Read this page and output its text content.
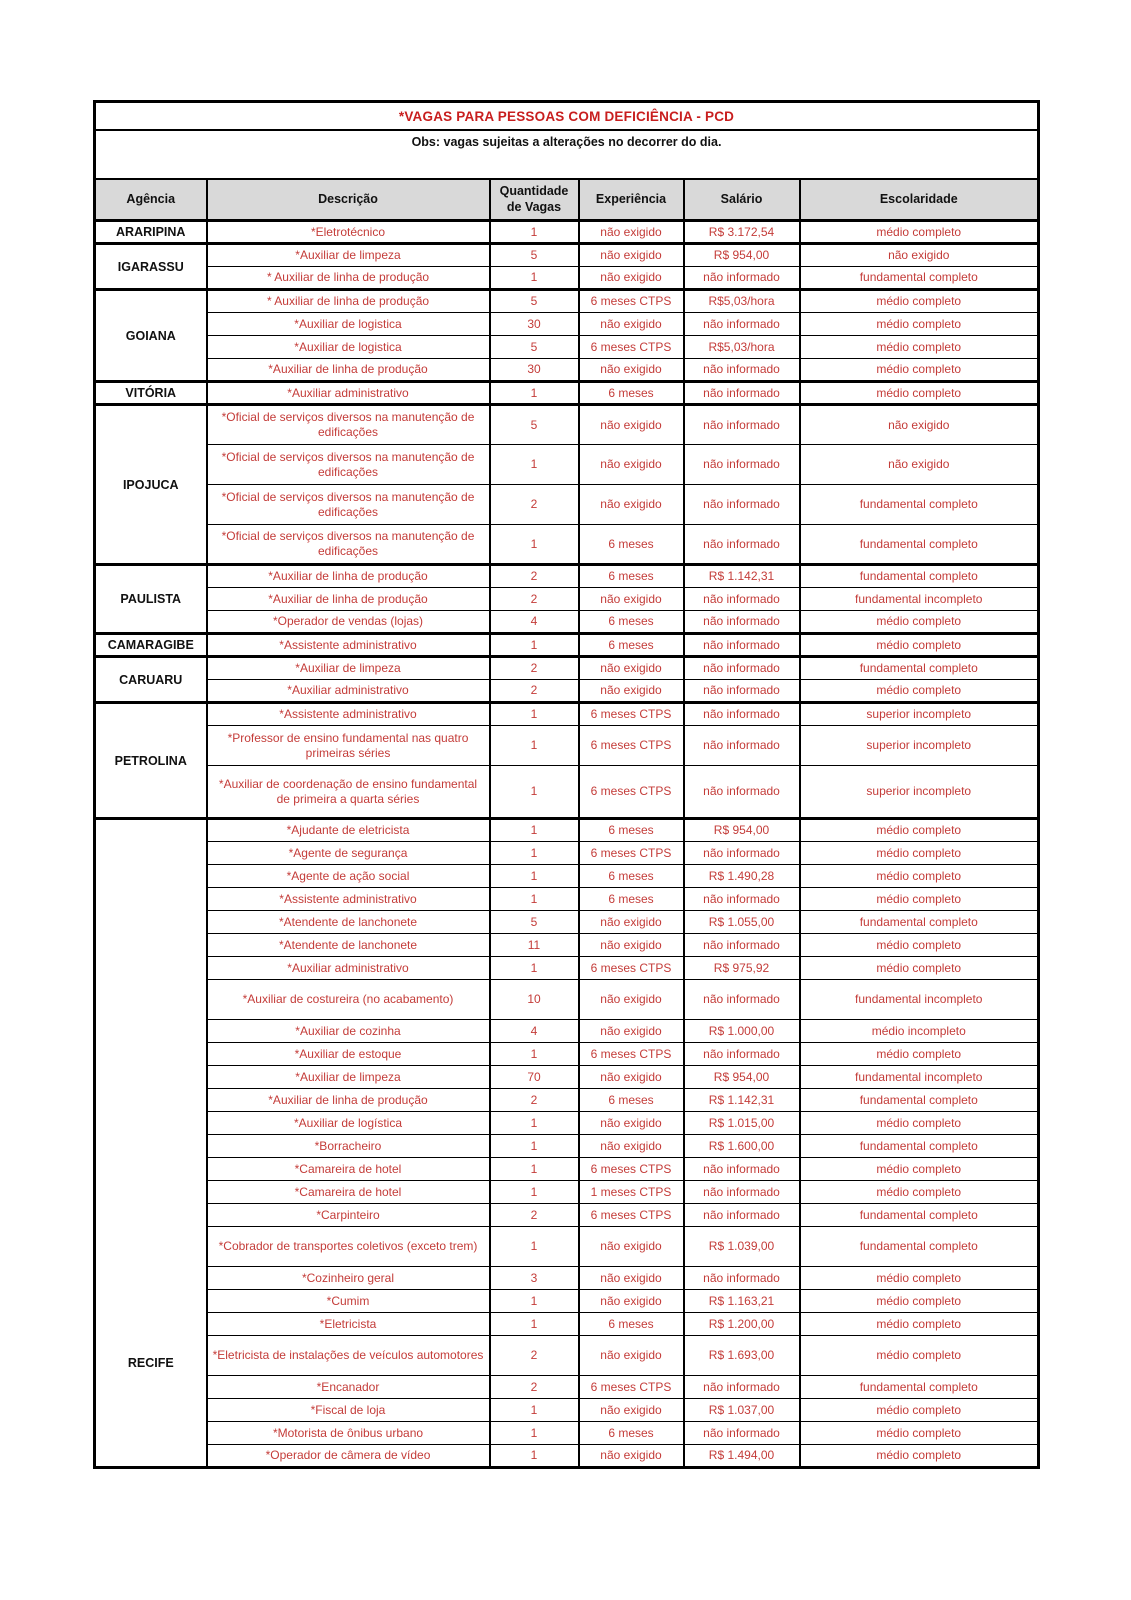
*VAGAS PARA PESSOAS COM DEFICIÊNCIA - PCD					
Obs: vagas sujeitas a alterações no decorrer do dia.					
Agência	Descrição	Quantidade de Vagas	Experiência	Salário	Escolaridade
ARARIPINA	*Eletrotécnico	1	não exigido	R$ 3.172,54	médio completo
IGARASSU	*Auxiliar de limpeza	5	não exigido	R$ 954,00	não exigido
	* Auxiliar de linha de produção	1	não exigido	não informado	fundamental completo
GOIANA	* Auxiliar de linha de produção	5	6 meses CTPS	R$5,03/hora	médio completo
	*Auxiliar de logistica	30	não exigido	não informado	médio completo
	*Auxiliar de logistica	5	6 meses CTPS	R$5,03/hora	médio completo
	*Auxiliar de linha de produção	30	não exigido	não informado	médio completo
VITÓRIA	*Auxiliar administrativo	1	6 meses	não informado	médio completo
IPOJUCA	*Oficial de serviços diversos na manutenção de edificações	5	não exigido	não informado	não exigido
	*Oficial de serviços diversos na manutenção de edificações	1	não exigido	não informado	não exigido
	*Oficial de serviços diversos na manutenção de edificações	2	não exigido	não informado	fundamental completo
	*Oficial de serviços diversos na manutenção de edificações	1	6 meses	não informado	fundamental completo
PAULISTA	*Auxiliar de linha de produção	2	6 meses	R$ 1.142,31	fundamental completo
	*Auxiliar de linha de produção	2	não exigido	não informado	fundamental incompleto
	*Operador de vendas (lojas)	4	6 meses	não informado	médio completo
CAMARAGIBE	*Assistente administrativo	1	6 meses	não informado	médio completo
CARUARU	*Auxiliar de limpeza	2	não exigido	não informado	fundamental completo
	*Auxiliar administrativo	2	não exigido	não informado	médio completo
PETROLINA	*Assistente administrativo	1	6 meses CTPS	não informado	superior incompleto
	*Professor de ensino fundamental nas quatro primeiras séries	1	6 meses CTPS	não informado	superior incompleto
	*Auxiliar de coordenação de ensino fundamental de primeira a quarta séries	1	6 meses CTPS	não informado	superior incompleto
RECIFE	*Ajudante de eletricista	1	6 meses	R$ 954,00	médio completo
	*Agente de segurança	1	6 meses CTPS	não informado	médio completo
	*Agente de ação social	1	6 meses	R$ 1.490,28	médio completo
	*Assistente administrativo	1	6 meses	não informado	médio completo
	*Atendente de lanchonete	5	não exigido	R$ 1.055,00	fundamental completo
	*Atendente de lanchonete	11	não exigido	não informado	médio completo
	*Auxiliar administrativo	1	6 meses CTPS	R$ 975,92	médio completo
	*Auxiliar de costureira (no acabamento)	10	não exigido	não informado	fundamental incompleto
	*Auxiliar de cozinha	4	não exigido	R$ 1.000,00	médio incompleto
	*Auxiliar de estoque	1	6 meses CTPS	não informado	médio completo
	*Auxiliar de limpeza	70	não exigido	R$ 954,00	fundamental incompleto
	*Auxiliar de linha de produção	2	6 meses	R$ 1.142,31	fundamental completo
	*Auxiliar de logística	1	não exigido	R$ 1.015,00	médio completo
	*Borracheiro	1	não exigido	R$ 1.600,00	fundamental completo
	*Camareira de hotel	1	6 meses CTPS	não informado	médio completo
	*Camareira de hotel	1	1 meses CTPS	não informado	médio completo
	*Carpinteiro	2	6 meses CTPS	não informado	fundamental completo
	*Cobrador de transportes coletivos (exceto trem)	1	não exigido	R$ 1.039,00	fundamental completo
	*Cozinheiro geral	3	não exigido	não informado	médio completo
	*Cumim	1	não exigido	R$ 1.163,21	médio completo
	*Eletricista	1	6 meses	R$ 1.200,00	médio completo
	*Eletricista de instalações de veículos automotores	2	não exigido	R$ 1.693,00	médio completo
	*Encanador	2	6 meses CTPS	não informado	fundamental completo
	*Fiscal de loja	1	não exigido	R$ 1.037,00	médio completo
	*Motorista de ônibus urbano	1	6 meses	não informado	médio completo
	*Operador de câmera de vídeo	1	não exigido	R$ 1.494,00	médio completo
